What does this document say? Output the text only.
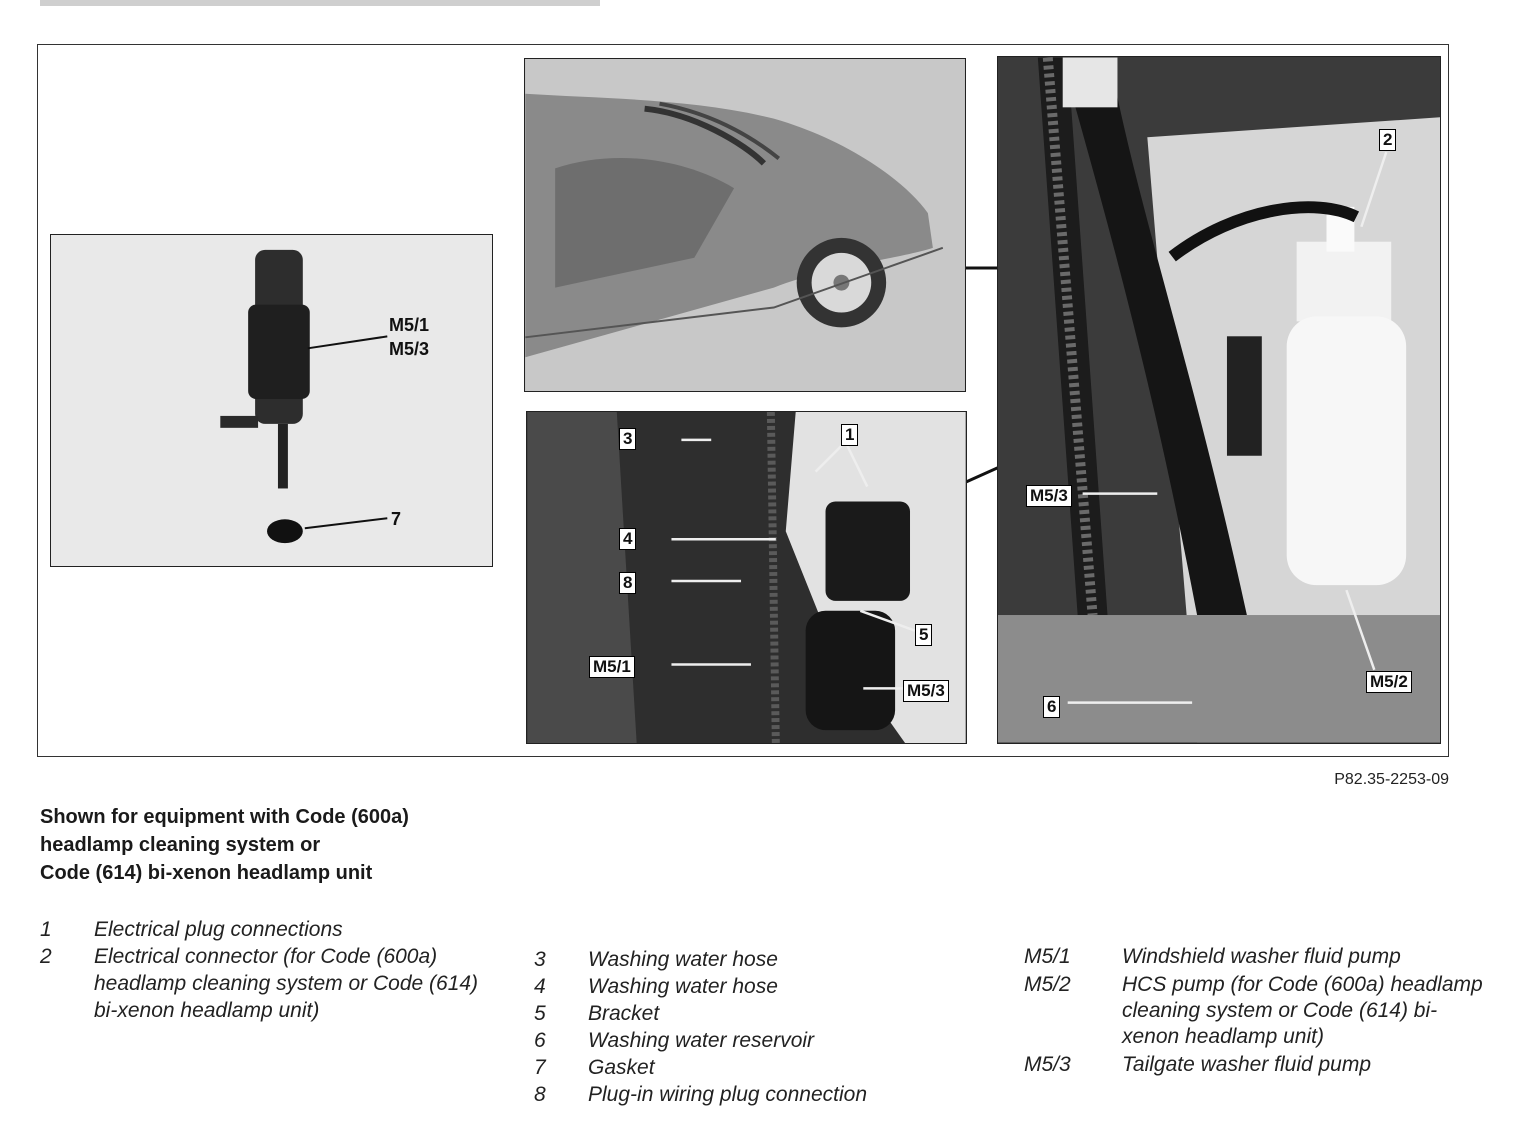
M5/1
M5/3
7
3	1
4
8
5
M5/1
M5/3
2
M5/3
M5/2
6
P82.35-2253-09
Shown for equipment with Code (600a)
headlamp cleaning system or
Code (614) bi-xenon headlamp unit
1	Electrical plug connections
2	Electrical connector (for Code (600a) headlamp cleaning system or Code (614) bi-xenon headlamp unit)
3	Washing water hose
4	Washing water hose
5	Bracket
6	Washing water reservoir
7	Gasket
8	Plug-in wiring plug connection
M5/1	Windshield washer fluid pump
M5/2	HCS pump (for Code (600a) headlamp cleaning system or Code (614) bi-xenon headlamp unit)
M5/3	Tailgate washer fluid pump
